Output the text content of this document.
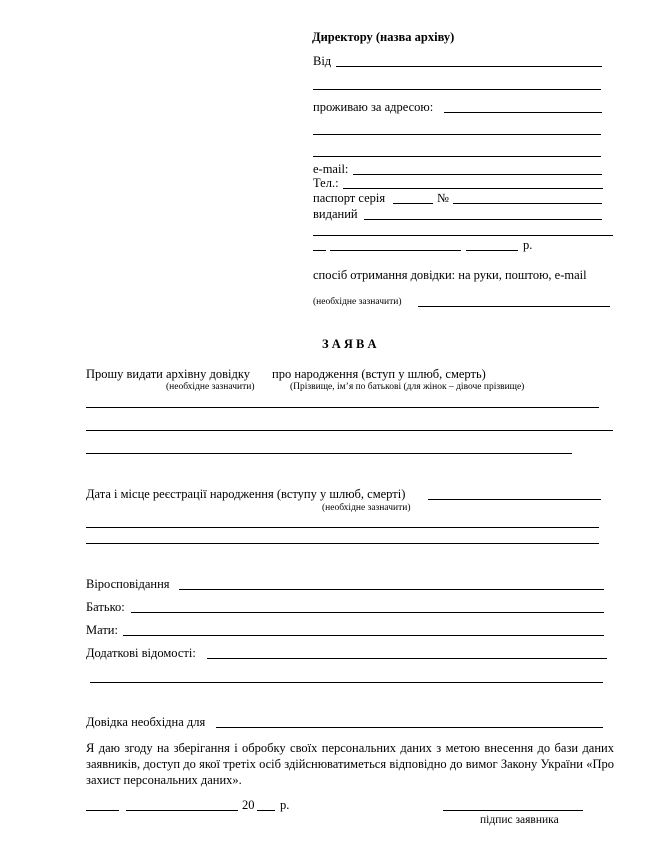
Директору (назва архіву)
Від
проживаю за адресою:
e-mail:
Тел.:
паспорт серія	№
виданий
р.
спосіб отримання довідки: на руки, поштою, e-mail
(необхідне зазначити)
З А Я В А
Прошу видати архівну довідку про народження (вступ у шлюб, смерть)
(необхідне зазначити)	(Прізвище, ім’я по батькові (для жінок – дівоче прізвище)
Дата і місце реєстрації народження (вступу у шлюб, смерті)
(необхідне зазначити)
Віросповідання
Батько:
Мати:
Додаткові відомості:
Довідка необхідна для
Я даю згоду на зберігання і обробку своїх персональних даних з метою внесення до бази даних заявників, доступ до якої третіх осіб здійснюватиметься відповідно до вимог Закону України «Про захист персональних даних».
20 р.
підпис заявника
